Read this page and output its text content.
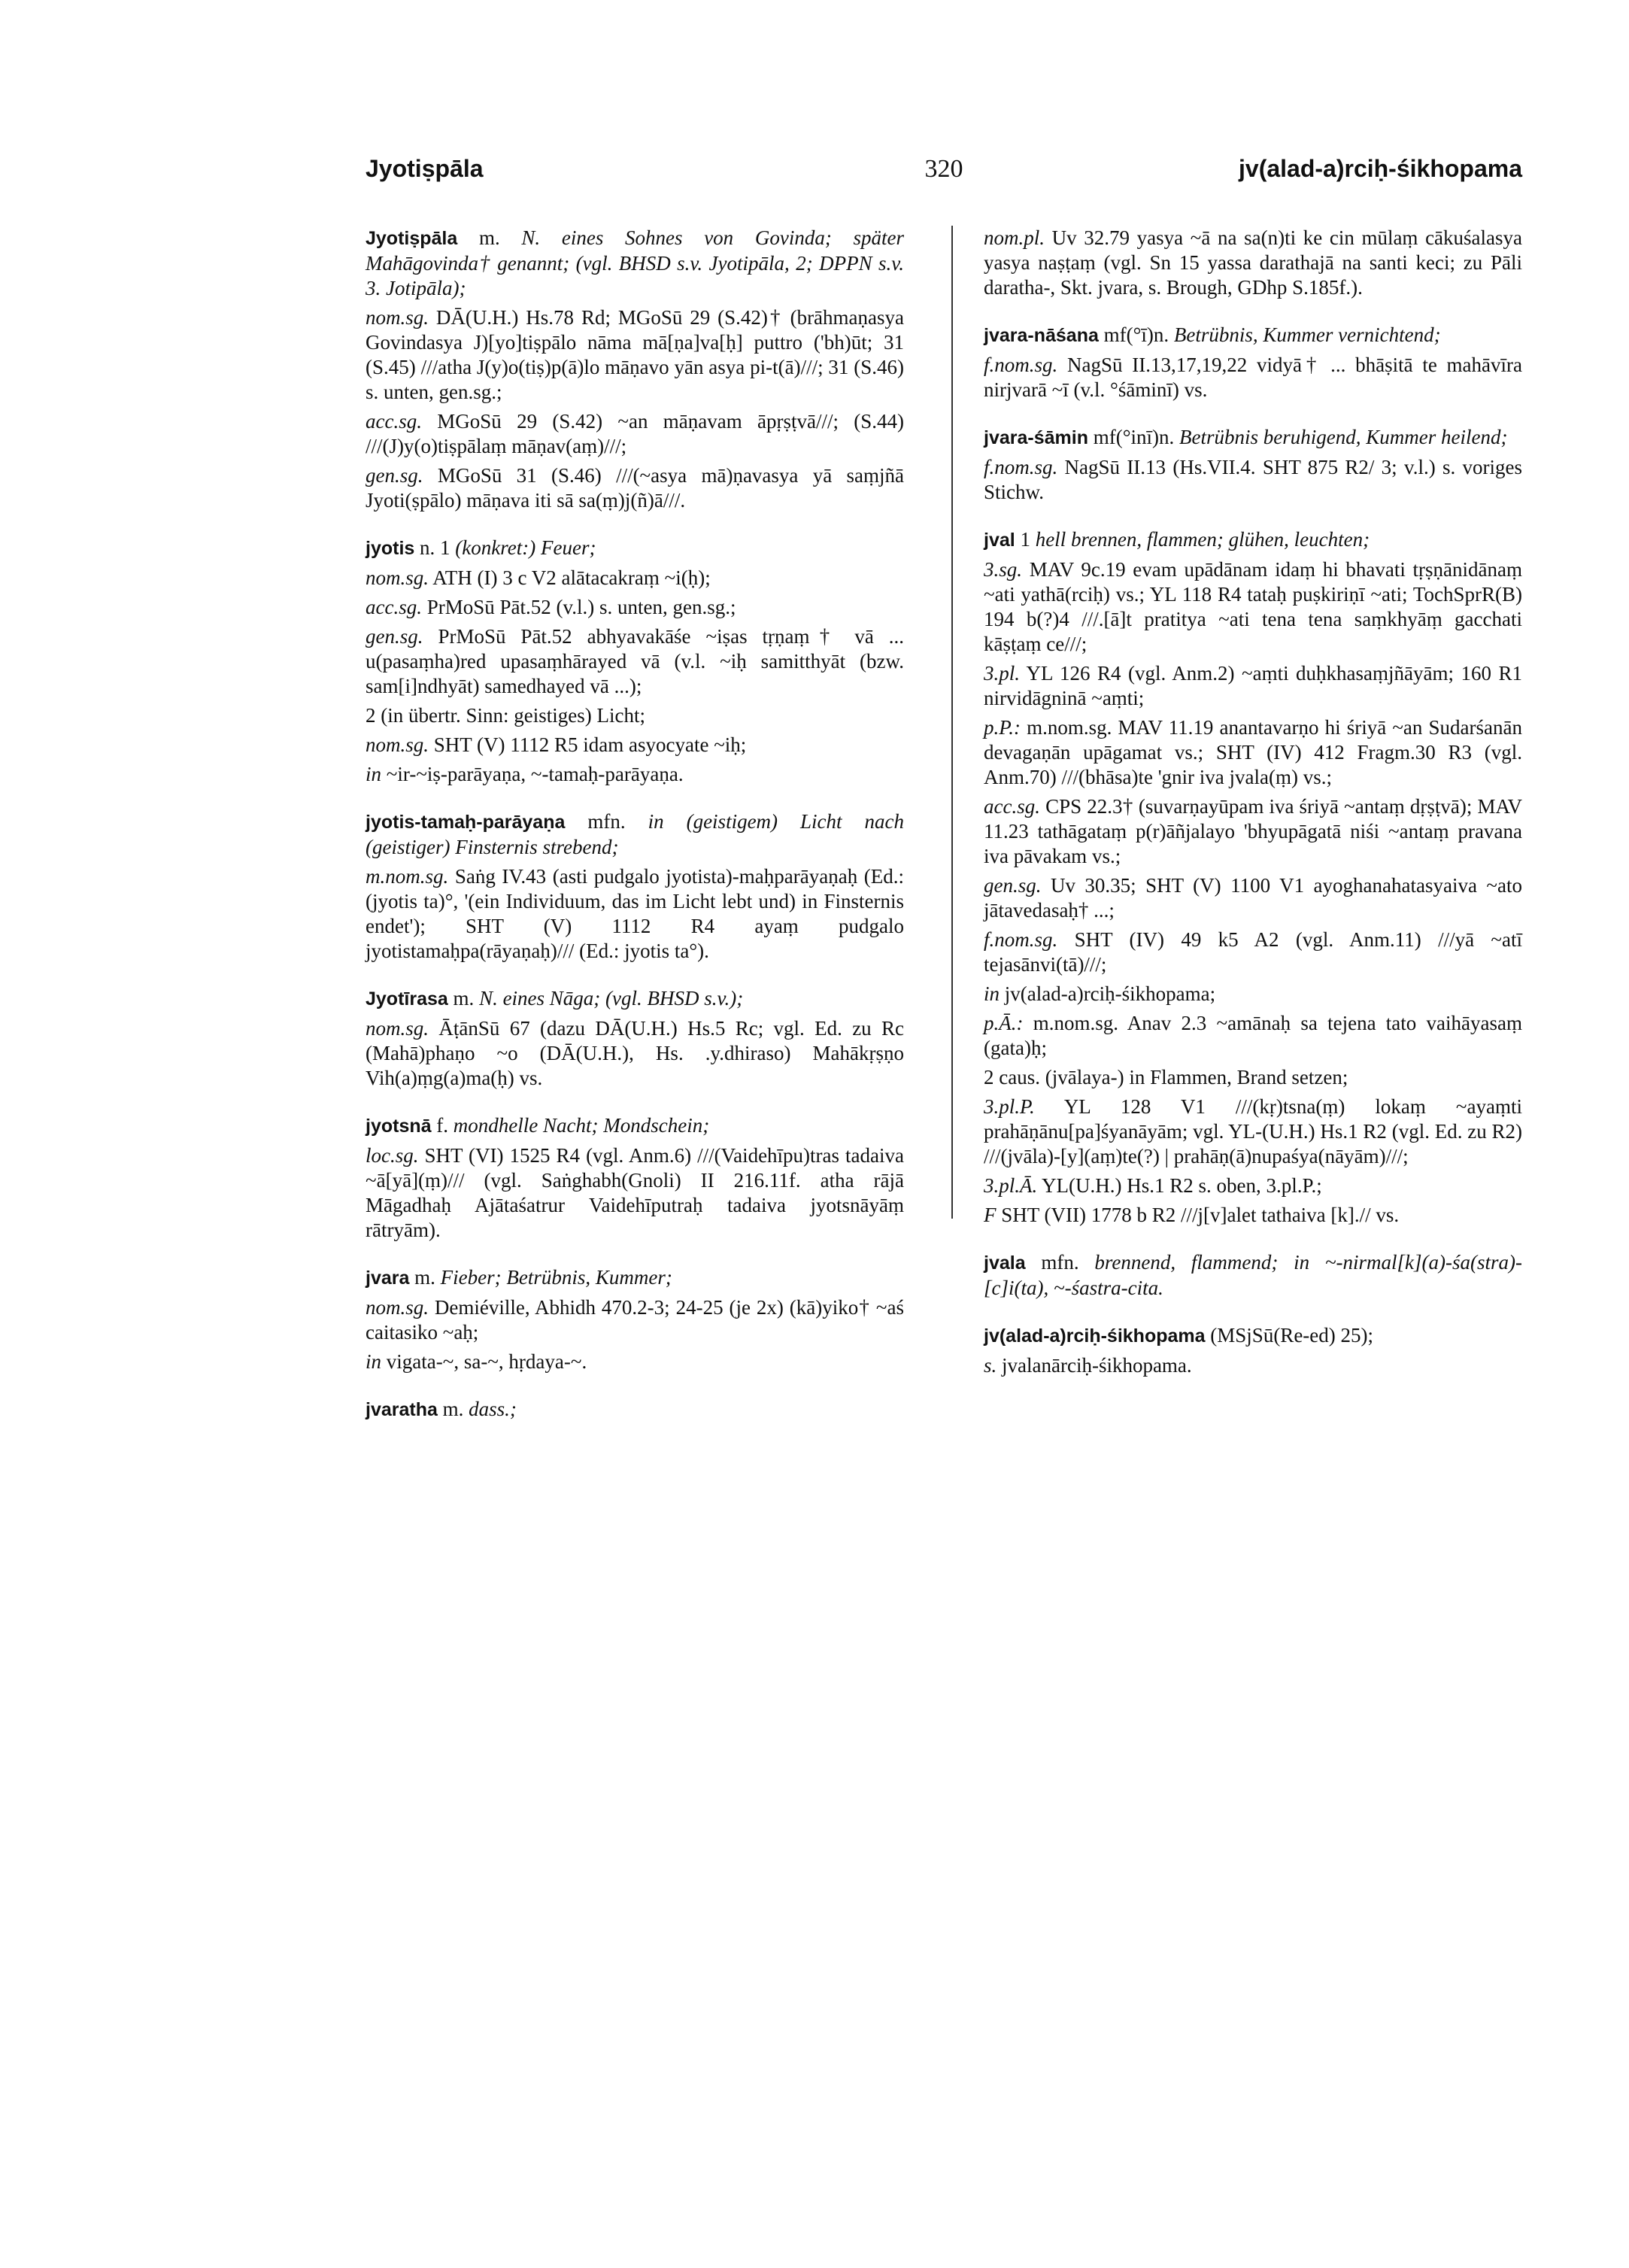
Jyotiṣpāla	320	jv(alad-a)rciḥ-śikhopama

Jyotiṣpāla m. N. eines Sohnes von Govinda; später Mahāgovinda† genannt; (vgl. BHSD s.v. Jyotipāla, 2; DPPN s.v. 3. Jotipāla);

nom.sg. DĀ(U.H.) Hs.78 Rd; MGoSū 29 (S.42)† (brāhmaṇasya Govindasya J)[yo]tiṣpālo nāma mā[ṇa]va[ḥ] puttro ('bh)ūt; 31 (S.45) ///atha J(y)o(tiṣ)p(ā)lo māṇavo yān asya pi-t(ā)///; 31 (S.46) s. unten, gen.sg.;

acc.sg. MGoSū 29 (S.42) ~an māṇavam āpṛṣṭvā///; (S.44) ///(J)y(o)tiṣpālaṃ māṇav(aṃ)///;

gen.sg. MGoSū 31 (S.46) ///(~asya mā)ṇavasya yā saṃjñā Jyoti(ṣpālo) māṇava iti sā sa(ṃ)j(ñ)ā///.

jyotis n. 1 (konkret:) Feuer;

nom.sg. ATH (I) 3 c V2 alātacakraṃ ~i(ḥ);

acc.sg. PrMoSū Pāt.52 (v.l.) s. unten, gen.sg.;

gen.sg. PrMoSū Pāt.52 abhyavakāśe ~iṣas tṛṇaṃ† vā ... u(pasaṃha)red upasaṃhārayed vā (v.l. ~iḥ samitthyāt (bzw. sam[i]ndhyāt) samedhayed vā ...);

2 (in übertr. Sinn: geistiges) Licht;

nom.sg. SHT (V) 1112 R5 idam asyocyate ~iḥ;

in ~ir-~iṣ-parāyaṇa, ~-tamaḥ-parāyaṇa.

jyotis-tamaḥ-parāyaṇa mfn. in (geistigem) Licht nach (geistiger) Finsternis strebend;

m.nom.sg. Saṅg IV.43 (asti pudgalo jyotista)-maḥparāyaṇaḥ (Ed.: (jyotis ta)°, '(ein Individuum, das im Licht lebt und) in Finsternis endet'); SHT (V) 1112 R4 ayaṃ pudgalo jyotistamaḥpa(rāyaṇaḥ)/// (Ed.: jyotis ta°).

Jyotīrasa m. N. eines Nāga; (vgl. BHSD s.v.);

nom.sg. ĀṭānSū 67 (dazu DĀ(U.H.) Hs.5 Rc; vgl. Ed. zu Rc (Mahā)phaṇo ~o (DĀ(U.H.), Hs. .y.dhiraso) Mahākṛṣṇo Vih(a)ṃg(a)ma(ḥ) vs.

jyotsnā f. mondhelle Nacht; Mondschein;

loc.sg. SHT (VI) 1525 R4 (vgl. Anm.6) ///(Vaidehīpu)tras tadaiva ~ā[yā](ṃ)/// (vgl. Saṅghabh(Gnoli) II 216.11f. atha rājā Māgadhaḥ Ajātaśatrur Vaidehīputraḥ tadaiva jyotsnāyāṃ rātryām).

jvara m. Fieber; Betrübnis, Kummer;

nom.sg. Demiéville, Abhidh 470.2-3; 24-25 (je 2x) (kā)yiko† ~aś caitasiko ~aḥ;

in vigata-~, sa-~, hṛdaya-~.

jvaratha m. dass.;

nom.pl. Uv 32.79 yasya ~ā na sa(n)ti ke cin mūlaṃ cākuśalasya yasya naṣṭaṃ (vgl. Sn 15 yassa darathajā na santi keci; zu Pāli daratha-, Skt. jvara, s. Brough, GDhp S.185f.).

jvara-nāśana mf(°ī)n. Betrübnis, Kummer vernichtend;

f.nom.sg. NagSū II.13,17,19,22 vidyā† ... bhāṣitā te mahāvīra nirjvarā ~ī (v.l. °śāminī) vs.

jvara-śāmin mf(°inī)n. Betrübnis beruhigend, Kummer heilend;

f.nom.sg. NagSū II.13 (Hs.VII.4. SHT 875 R2/ 3; v.l.) s. voriges Stichw.

jval 1 hell brennen, flammen; glühen, leuchten;

3.sg. MAV 9c.19 evam upādānam idaṃ hi bhavati tṛṣṇānidānaṃ ~ati yathā(rciḥ) vs.; YL 118 R4 tataḥ puṣkiriṇī ~ati; TochSprR(B) 194 b(?)4 ///.[ā]t pratitya ~ati tena tena saṃkhyāṃ gacchati kāṣṭaṃ ce///;

3.pl. YL 126 R4 (vgl. Anm.2) ~aṃti duḥkhasaṃjñāyām; 160 R1 nirvidāgninā ~aṃti;

p.P.: m.nom.sg. MAV 11.19 anantavarṇo hi śriyā ~an Sudarśanān devagaṇān upāgamat vs.; SHT (IV) 412 Fragm.30 R3 (vgl. Anm.70) ///(bhāsa)te 'gnir iva jvala(ṃ) vs.;

acc.sg. CPS 22.3† (suvarṇayūpam iva śriyā ~antaṃ dṛṣṭvā); MAV 11.23 tathāgataṃ p(r)āñjalayo 'bhyupāgatā niśi ~antaṃ pravana iva pāvakam vs.;

gen.sg. Uv 30.35; SHT (V) 1100 V1 ayoghanahatasyaiva ~ato jātavedasaḥ† ...;

f.nom.sg. SHT (IV) 49 k5 A2 (vgl. Anm.11) ///yā ~atī tejasānvi(tā)///;

in jv(alad-a)rciḥ-śikhopama;

p.Ā.: m.nom.sg. Anav 2.3 ~amānaḥ sa tejena tato vaihāyasaṃ (gata)ḥ;

2 caus. (jvālaya-) in Flammen, Brand setzen;

3.pl.P. YL 128 V1 ///(kṛ)tsna(ṃ) lokaṃ ~ayaṃti prahāṇānu[pa]śyanāyām; vgl. YL-(U.H.) Hs.1 R2 (vgl. Ed. zu R2) ///(jvāla)-[y](aṃ)te(?) | prahāṇ(ā)nupaśya(nāyām)///;

3.pl.Ā. YL(U.H.) Hs.1 R2 s. oben, 3.pl.P.;

F SHT (VII) 1778 b R2 ///j[v]alet tathaiva [k].// vs.

jvala mfn. brennend, flammend; in ~-nirmal[k](a)-śa(stra)-[c]i(ta), ~-śastra-cita.

jv(alad-a)rciḥ-śikhopama (MSjSū(Re-ed) 25);

s. jvalanārciḥ-śikhopama.
